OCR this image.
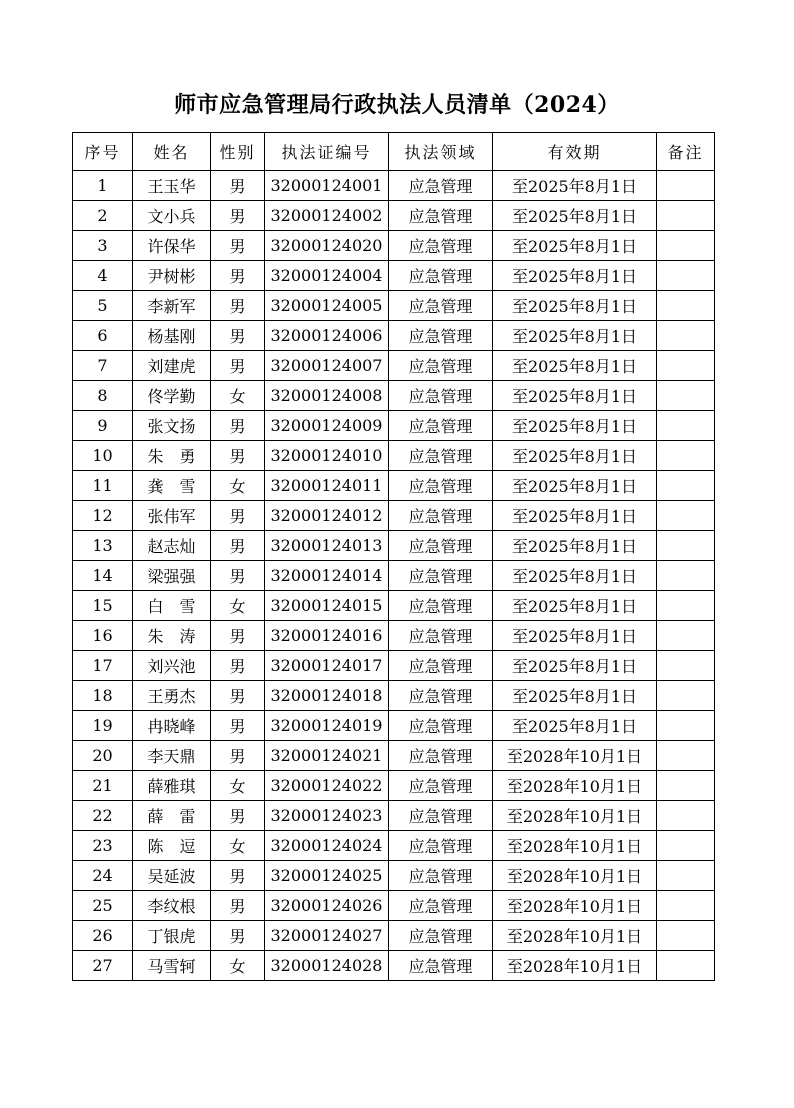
师市应急管理局行政执法人员清单（2024）
序号	姓名	性别	执法证编号	执法领域	有效期	备注
1	王玉华	男	32000124001	应急管理	至2025年8月1日	
2	文小兵	男	32000124002	应急管理	至2025年8月1日	
3	许保华	男	32000124020	应急管理	至2025年8月1日	
4	尹树彬	男	32000124004	应急管理	至2025年8月1日	
5	李新军	男	32000124005	应急管理	至2025年8月1日	
6	杨基刚	男	32000124006	应急管理	至2025年8月1日	
7	刘建虎	男	32000124007	应急管理	至2025年8月1日	
8	佟学勤	女	32000124008	应急管理	至2025年8月1日	
9	张文扬	男	32000124009	应急管理	至2025年8月1日	
10	朱　勇	男	32000124010	应急管理	至2025年8月1日	
11	龚　雪	女	32000124011	应急管理	至2025年8月1日	
12	张伟军	男	32000124012	应急管理	至2025年8月1日	
13	赵志灿	男	32000124013	应急管理	至2025年8月1日	
14	梁强强	男	32000124014	应急管理	至2025年8月1日	
15	白　雪	女	32000124015	应急管理	至2025年8月1日	
16	朱　涛	男	32000124016	应急管理	至2025年8月1日	
17	刘兴池	男	32000124017	应急管理	至2025年8月1日	
18	王勇杰	男	32000124018	应急管理	至2025年8月1日	
19	冉晓峰	男	32000124019	应急管理	至2025年8月1日	
20	李天鼎	男	32000124021	应急管理	至2028年10月1日	
21	薛雅琪	女	32000124022	应急管理	至2028年10月1日	
22	薛　雷	男	32000124023	应急管理	至2028年10月1日	
23	陈　逗	女	32000124024	应急管理	至2028年10月1日	
24	吴延波	男	32000124025	应急管理	至2028年10月1日	
25	李纹根	男	32000124026	应急管理	至2028年10月1日	
26	丁银虎	男	32000124027	应急管理	至2028年10月1日	
27	马雪轲	女	32000124028	应急管理	至2028年10月1日	
